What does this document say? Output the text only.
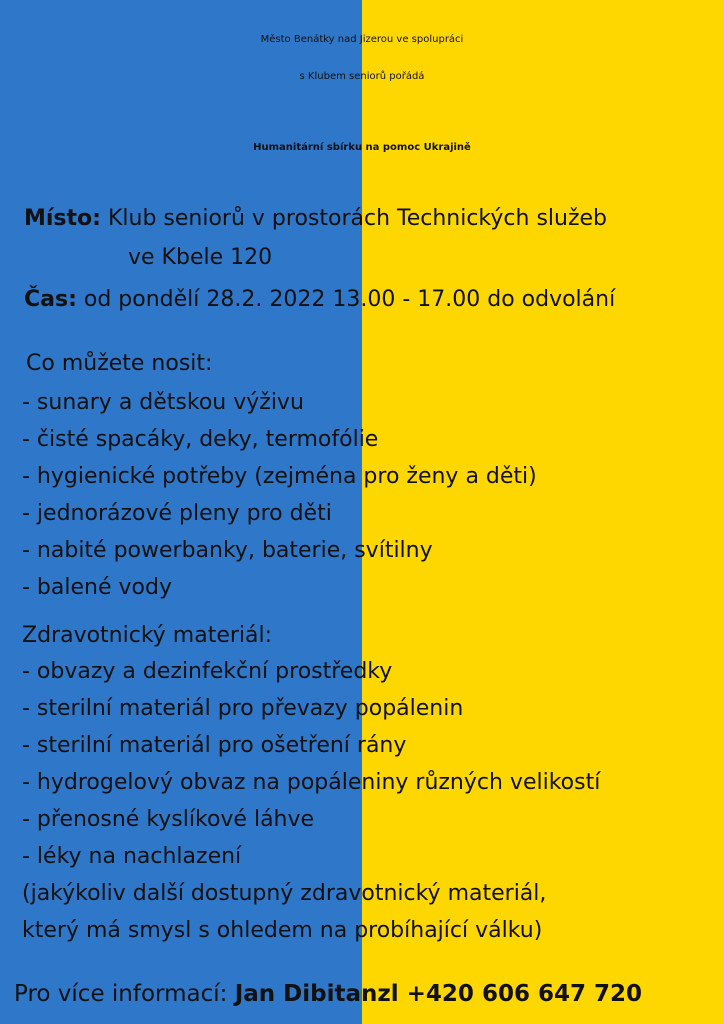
Město Benátky nad Jizerou ve spolupráci
s Klubem seniorů pořádá
Humanitární sbírku na pomoc Ukrajině
Místo: Klub seniorů v prostorách Technických služeb
ve Kbele 120
Čas: od pondělí 28.2. 2022 13.00 - 17.00 do odvolání
Co můžete nosit:
- sunary a dětskou výživu
- čisté spacáky, deky, termofólie
- hygienické potřeby (zejména pro ženy a děti)
- jednorázové pleny pro děti
- nabité powerbanky, baterie, svítilny
- balené vody
Zdravotnický materiál:
- obvazy a dezinfekční prostředky
- sterilní materiál pro převazy popálenin
- sterilní materiál pro ošetření rány
- hydrogelový obvaz na popáleniny různých velikostí
- přenosné kyslíkové láhve
- léky na nachlazení
(jakýkoliv další dostupný zdravotnický materiál,
který má smysl s ohledem na probíhající válku)
Pro více informací: Jan Dibitanzl +420 606 647 720
